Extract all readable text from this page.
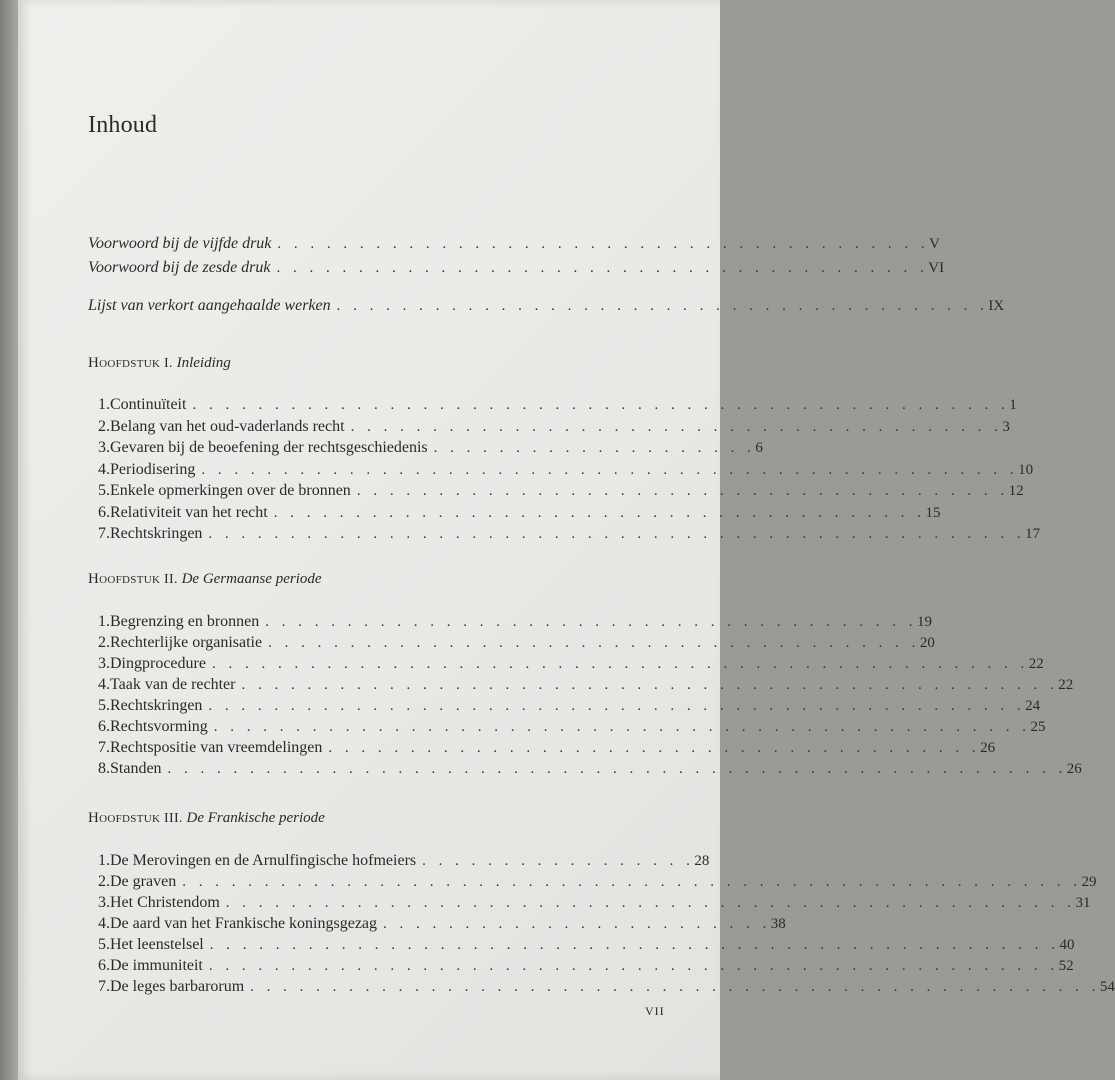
Inhoud
Voorwoord bij de vijfde druk . . . . . . . . . . . . . . . . . . . . . . . . . . . . . . . . . . . . . . . . V
Voorwoord bij de zesde druk . . . . . . . . . . . . . . . . . . . . . . . . . . . . . . . . . . . . . . . . VI
Lijst van verkort aangehaalde werken . . . . . . . . . . . . . . . . . . . . . . . . . . . . . . . . . . . . . . . . IX
Hoofdstuk I. Inleiding
1. Continuïteit . . . . . . . . . . . . . . . . . . . . . . . . . . . . . . . . . . . . . . . . . . . . . . . . . . 1
2. Belang van het oud-vaderlands recht . . . . . . . . . . . . . . . . . . . . . . . . . . . . . . . . . . . . . . . . 3
3. Gevaren bij de beoefening der rechtsgeschiedenis . . . . . . . . . . . . . . . . . . . . 6
4. Periodisering . . . . . . . . . . . . . . . . . . . . . . . . . . . . . . . . . . . . . . . . . . . . . . . . . . 10
5. Enkele opmerkingen over de bronnen . . . . . . . . . . . . . . . . . . . . . . . . . . . . . . . . . . . . . . . . 12
6. Relativiteit van het recht . . . . . . . . . . . . . . . . . . . . . . . . . . . . . . . . . . . . . . . . 15
7. Rechtskringen . . . . . . . . . . . . . . . . . . . . . . . . . . . . . . . . . . . . . . . . . . . . . . . . . . 17
Hoofdstuk II. De Germaanse periode
1. Begrenzing en bronnen . . . . . . . . . . . . . . . . . . . . . . . . . . . . . . . . . . . . . . . . 19
2. Rechterlijke organisatie . . . . . . . . . . . . . . . . . . . . . . . . . . . . . . . . . . . . . . . . 20
3. Dingprocedure . . . . . . . . . . . . . . . . . . . . . . . . . . . . . . . . . . . . . . . . . . . . . . . . . . 22
4. Taak van de rechter . . . . . . . . . . . . . . . . . . . . . . . . . . . . . . . . . . . . . . . . . . . . . . . . . . 22
5. Rechtskringen . . . . . . . . . . . . . . . . . . . . . . . . . . . . . . . . . . . . . . . . . . . . . . . . . . 24
6. Rechtsvorming . . . . . . . . . . . . . . . . . . . . . . . . . . . . . . . . . . . . . . . . . . . . . . . . . . 25
7. Rechtspositie van vreemdelingen . . . . . . . . . . . . . . . . . . . . . . . . . . . . . . . . . . . . . . . . 26
8. Standen . . . . . . . . . . . . . . . . . . . . . . . . . . . . . . . . . . . . . . . . . . . . . . . . . . . . . . . 26
Hoofdstuk III. De Frankische periode
1. De Merovingen en de Arnulfingische hofmeiers . . . . . . . . . . . . . . . . . 28
2. De graven . . . . . . . . . . . . . . . . . . . . . . . . . . . . . . . . . . . . . . . . . . . . . . . . . . . . . . . 29
3. Het Christendom . . . . . . . . . . . . . . . . . . . . . . . . . . . . . . . . . . . . . . . . . . . . . . . . . . . . 31
4. De aard van het Frankische koningsgezag . . . . . . . . . . . . . . . . . . . . . . . . 38
5. Het leenstelsel . . . . . . . . . . . . . . . . . . . . . . . . . . . . . . . . . . . . . . . . . . . . . . . . . . . . 40
6. De immuniteit . . . . . . . . . . . . . . . . . . . . . . . . . . . . . . . . . . . . . . . . . . . . . . . . . . . . 52
7. De leges barbarorum . . . . . . . . . . . . . . . . . . . . . . . . . . . . . . . . . . . . . . . . . . . . . . . . . . . . 54
VII
